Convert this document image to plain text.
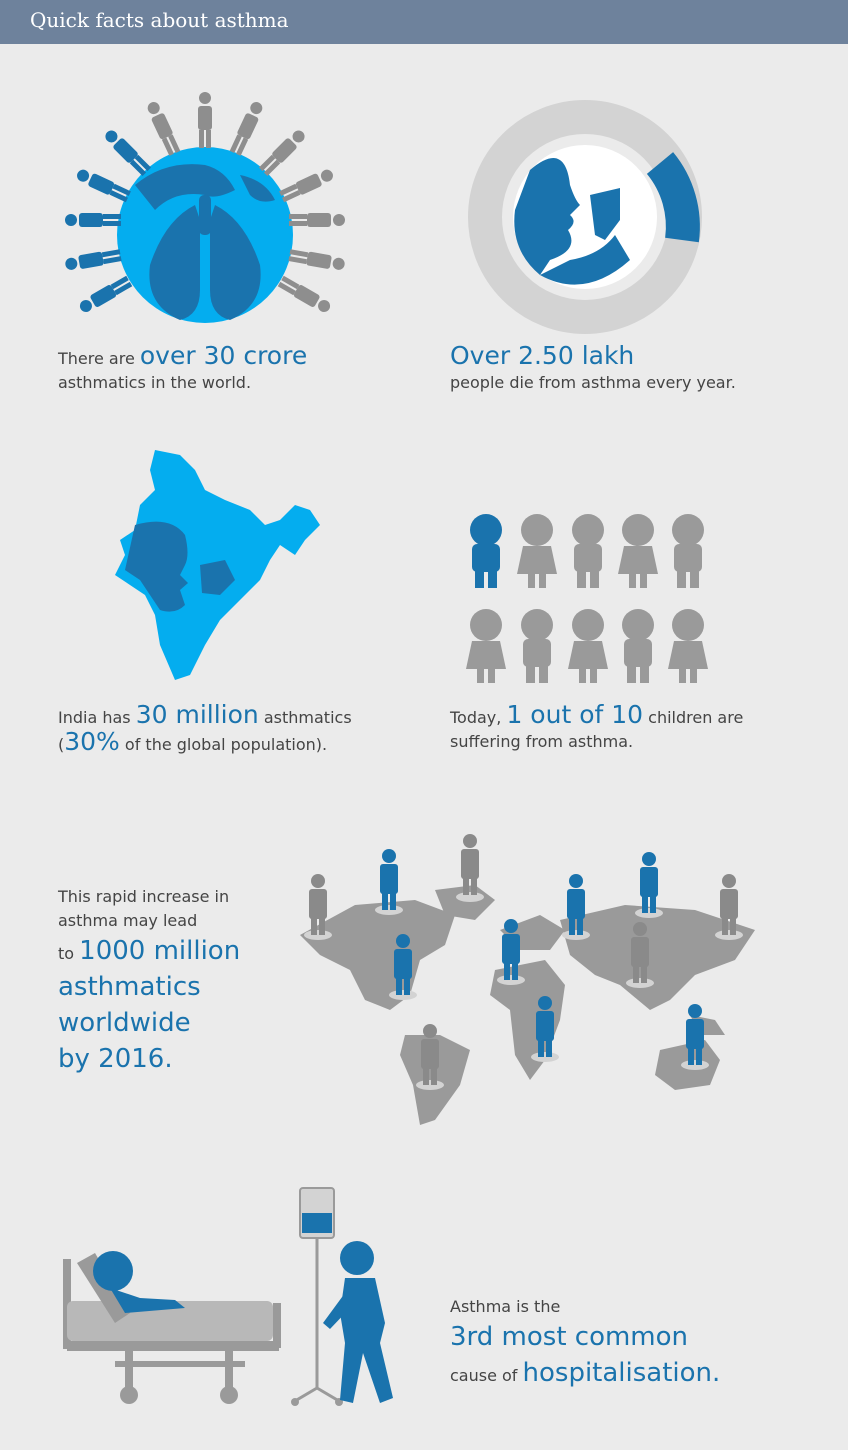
Quick facts about asthma
There are over 30 crore
asthmatics in the world.
Over 2.50 lakh
people die from asthma every year.
India has 30 million asthmatics
(30% of the global population).
Today, 1 out of 10 children are
suffering from asthma.
This rapid increase in
asthma may lead
to 1000 million
asthmatics
worldwide
by 2016.
Asthma is the
3rd most common
cause of hospitalisation.
